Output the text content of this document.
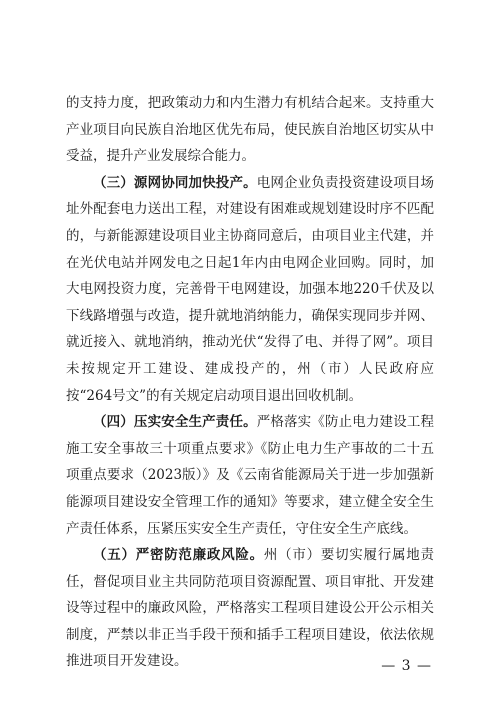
的支持力度，把政策动力和内生潜力有机结合起来。支持重大产业项目向民族自治地区优先布局，使民族自治地区切实从中受益，提升产业发展综合能力。

（三）源网协同加快投产。电网企业负责投资建设项目场址外配套电力送出工程，对建设有困难或规划建设时序不匹配的，与新能源建设项目业主协商同意后，由项目业主代建，并在光伏电站并网发电之日起1年内由电网企业回购。同时，加大电网投资力度，完善骨干电网建设，加强本地220千伏及以下线路增强与改造，提升就地消纳能力，确保实现同步并网、就近接入、就地消纳，推动光伏“发得了电、并得了网”。项目未按规定开工建设、建成投产的，州（市）人民政府应按“264号文”的有关规定启动项目退出回收机制。

（四）压实安全生产责任。严格落实《防止电力建设工程施工安全事故三十项重点要求》《防止电力生产事故的二十五项重点要求（2023版）》及《云南省能源局关于进一步加强新能源项目建设安全管理工作的通知》等要求，建立健全安全生产责任体系，压紧压实安全生产责任，守住安全生产底线。

（五）严密防范廉政风险。州（市）要切实履行属地责任，督促项目业主共同防范项目资源配置、项目审批、开发建设等过程中的廉政风险，严格落实工程项目建设公开公示相关制度，严禁以非正当手段干预和插手工程项目建设，依法依规推进项目开发建设。	— 3 —
